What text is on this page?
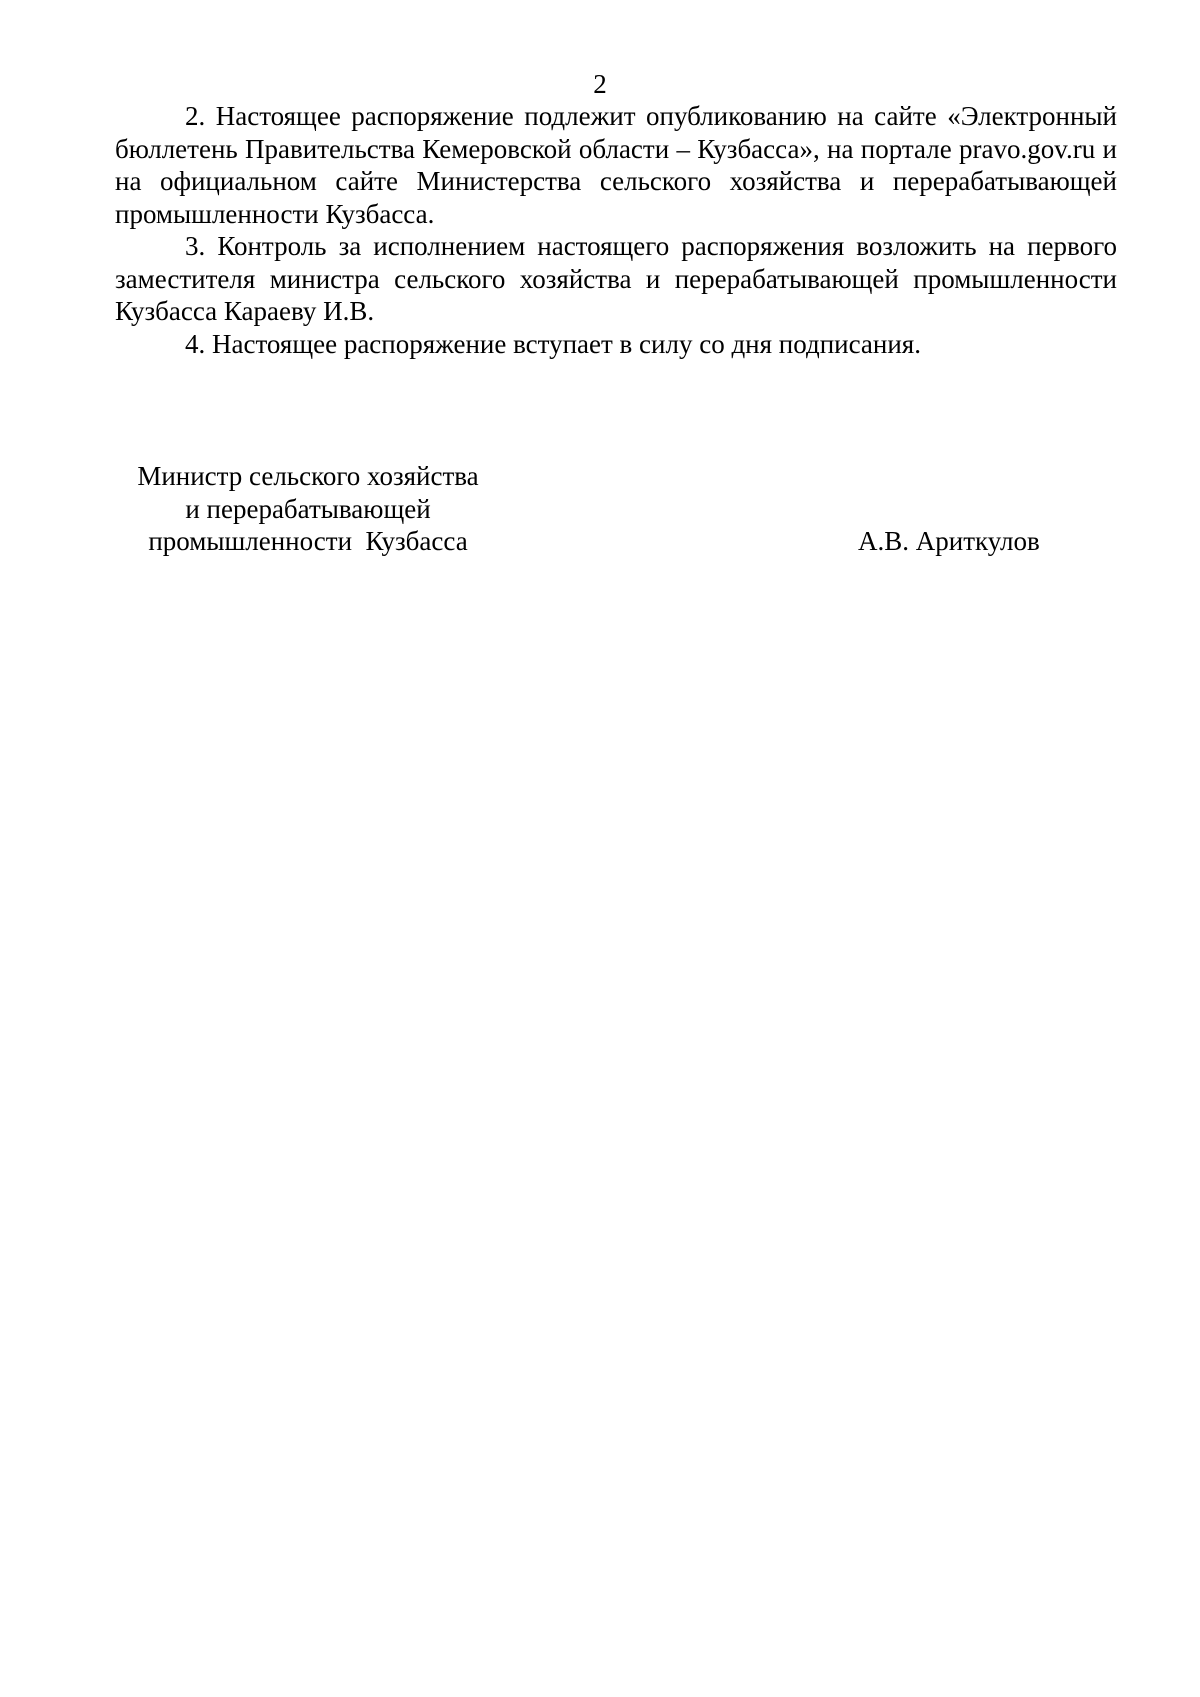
2

2. Настоящее распоряжение подлежит опубликованию на сайте «Электронный бюллетень Правительства Кемеровской области – Кузбасса», на портале pravo.gov.ru и на официальном сайте Министерства сельского хозяйства и перерабатывающей промышленности Кузбасса.

3. Контроль за исполнением настоящего распоряжения возложить на первого заместителя министра сельского хозяйства и перерабатывающей промышленности Кузбасса Караеву И.В.

4. Настоящее распоряжение вступает в силу со дня подписания.

Министр сельского хозяйства
и перерабатывающей
промышленности  Кузбасса	А.В. Ариткулов
